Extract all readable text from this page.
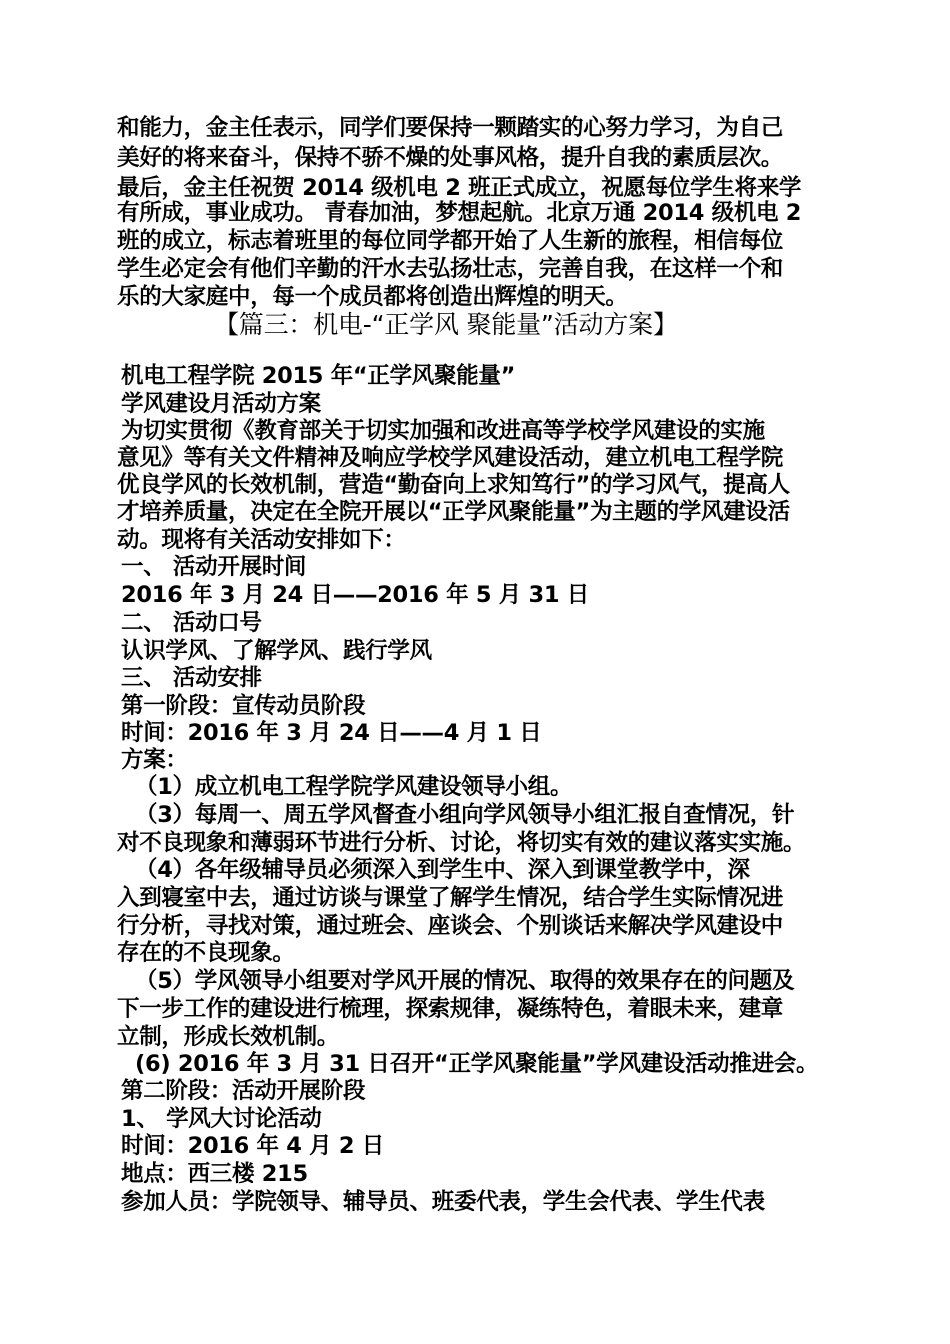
和能力，金主任表示，同学们要保持一颗踏实的心努力学习，为自己
美好的将来奋斗，保持不骄不燥的处事风格，提升自我的素质层次。
最后，金主任祝贺 2014 级机电 2 班正式成立，祝愿每位学生将来学
有所成，事业成功。 青春加油，梦想起航。北京万通 2014 级机电 2
班的成立，标志着班里的每位同学都开始了人生新的旅程，相信每位
学生必定会有他们辛勤的汗水去弘扬壮志，完善自我，在这样一个和
乐的大家庭中，每一个成员都将创造出辉煌的明天。
【篇三：机电-“正学风 聚能量”活动方案】
机电工程学院 2015 年“正学风聚能量”
学风建设月活动方案
为切实贯彻《教育部关于切实加强和改进高等学校学风建设的实施
意见》等有关文件精神及响应学校学风建设活动，建立机电工程学院
优良学风的长效机制，营造“勤奋向上求知笃行”的学习风气，提高人
才培养质量，决定在全院开展以“正学风聚能量”为主题的学风建设活
动。现将有关活动安排如下：
一、 活动开展时间
2016 年 3 月 24 日——2016 年 5 月 31 日
二、 活动口号
认识学风、了解学风、践行学风
三、 活动安排
第一阶段：宣传动员阶段
时间：2016 年 3 月 24 日——4 月 1 日
方案：
（1）成立机电工程学院学风建设领导小组。
（3）每周一、周五学风督查小组向学风领导小组汇报自查情况，针
对不良现象和薄弱环节进行分析、讨论，将切实有效的建议落实实施。
（4）各年级辅导员必须深入到学生中、深入到课堂教学中，深
入到寝室中去，通过访谈与课堂了解学生情况，结合学生实际情况进
行分析，寻找对策，通过班会、座谈会、个别谈话来解决学风建设中
存在的不良现象。
（5）学风领导小组要对学风开展的情况、取得的效果存在的问题及
下一步工作的建设进行梳理，探索规律，凝练特色，着眼未来，建章
立制，形成长效机制。
(6) 2016 年 3 月 31 日召开“正学风聚能量”学风建设活动推进会。
第二阶段：活动开展阶段
1、 学风大讨论活动
时间：2016 年 4 月 2 日
地点：西三楼 215
参加人员：学院领导、辅导员、班委代表，学生会代表、学生代表
